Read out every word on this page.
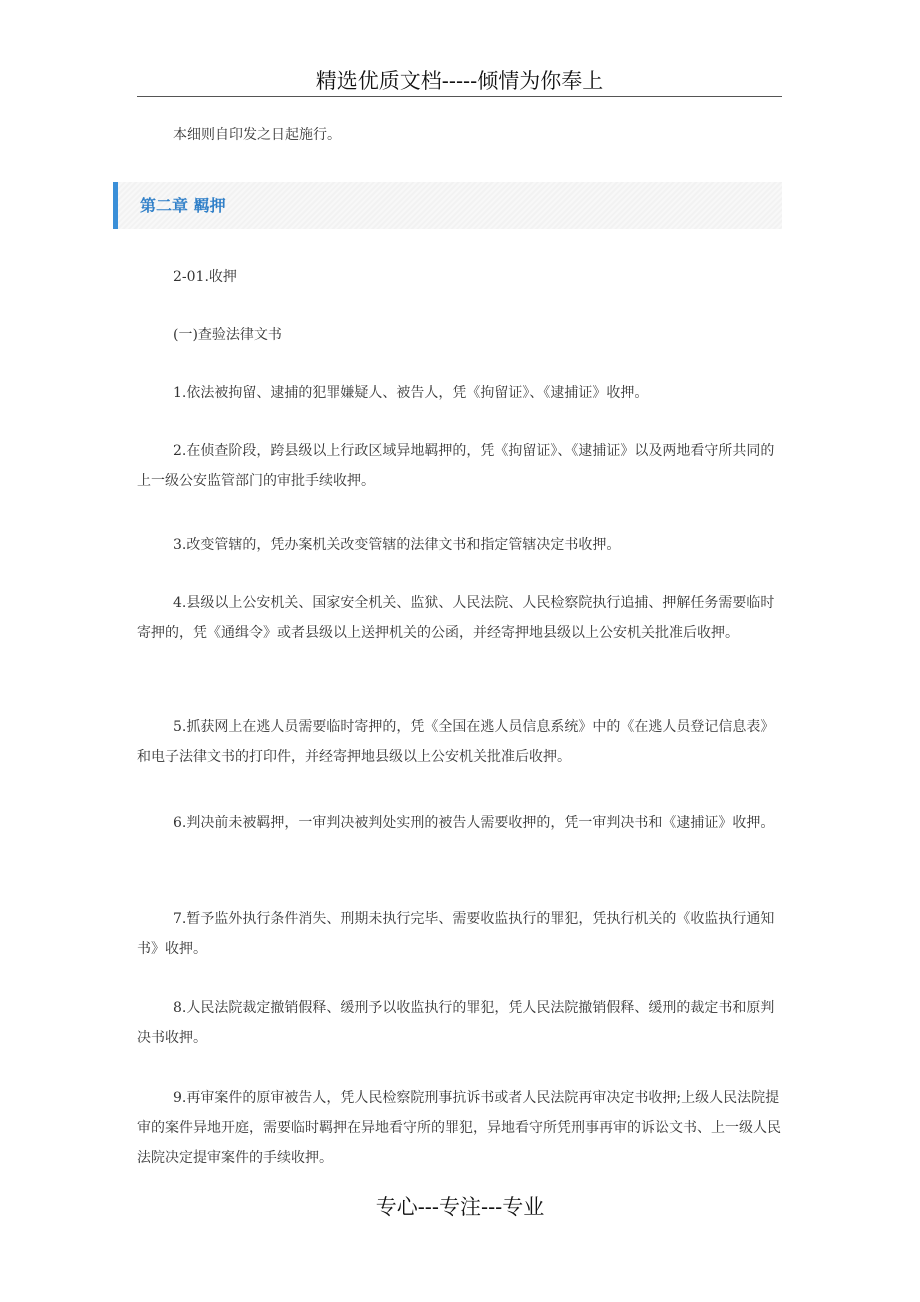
精选优质文档-----倾情为你奉上

本细则自印发之日起施行。

第二章 羁押

2-01.收押

(一)查验法律文书

1.依法被拘留、逮捕的犯罪嫌疑人、被告人，凭《拘留证》、《逮捕证》收押。

2.在侦查阶段，跨县级以上行政区域异地羁押的，凭《拘留证》、《逮捕证》以及两地看守所共同的上一级公安监管部门的审批手续收押。

3.改变管辖的，凭办案机关改变管辖的法律文书和指定管辖决定书收押。

4.县级以上公安机关、国家安全机关、监狱、人民法院、人民检察院执行追捕、押解任务需要临时寄押的，凭《通缉令》或者县级以上送押机关的公函，并经寄押地县级以上公安机关批准后收押。

5.抓获网上在逃人员需要临时寄押的，凭《全国在逃人员信息系统》中的《在逃人员登记信息表》和电子法律文书的打印件，并经寄押地县级以上公安机关批准后收押。

6.判决前未被羁押，一审判决被判处实刑的被告人需要收押的，凭一审判决书和《逮捕证》收押。

7.暂予监外执行条件消失、刑期未执行完毕、需要收监执行的罪犯，凭执行机关的《收监执行通知书》收押。

8.人民法院裁定撤销假释、缓刑予以收监执行的罪犯，凭人民法院撤销假释、缓刑的裁定书和原判决书收押。

9.再审案件的原审被告人，凭人民检察院刑事抗诉书或者人民法院再审决定书收押;上级人民法院提审的案件异地开庭，需要临时羁押在异地看守所的罪犯，异地看守所凭刑事再审的诉讼文书、上一级人民法院决定提审案件的手续收押。

专心---专注---专业
